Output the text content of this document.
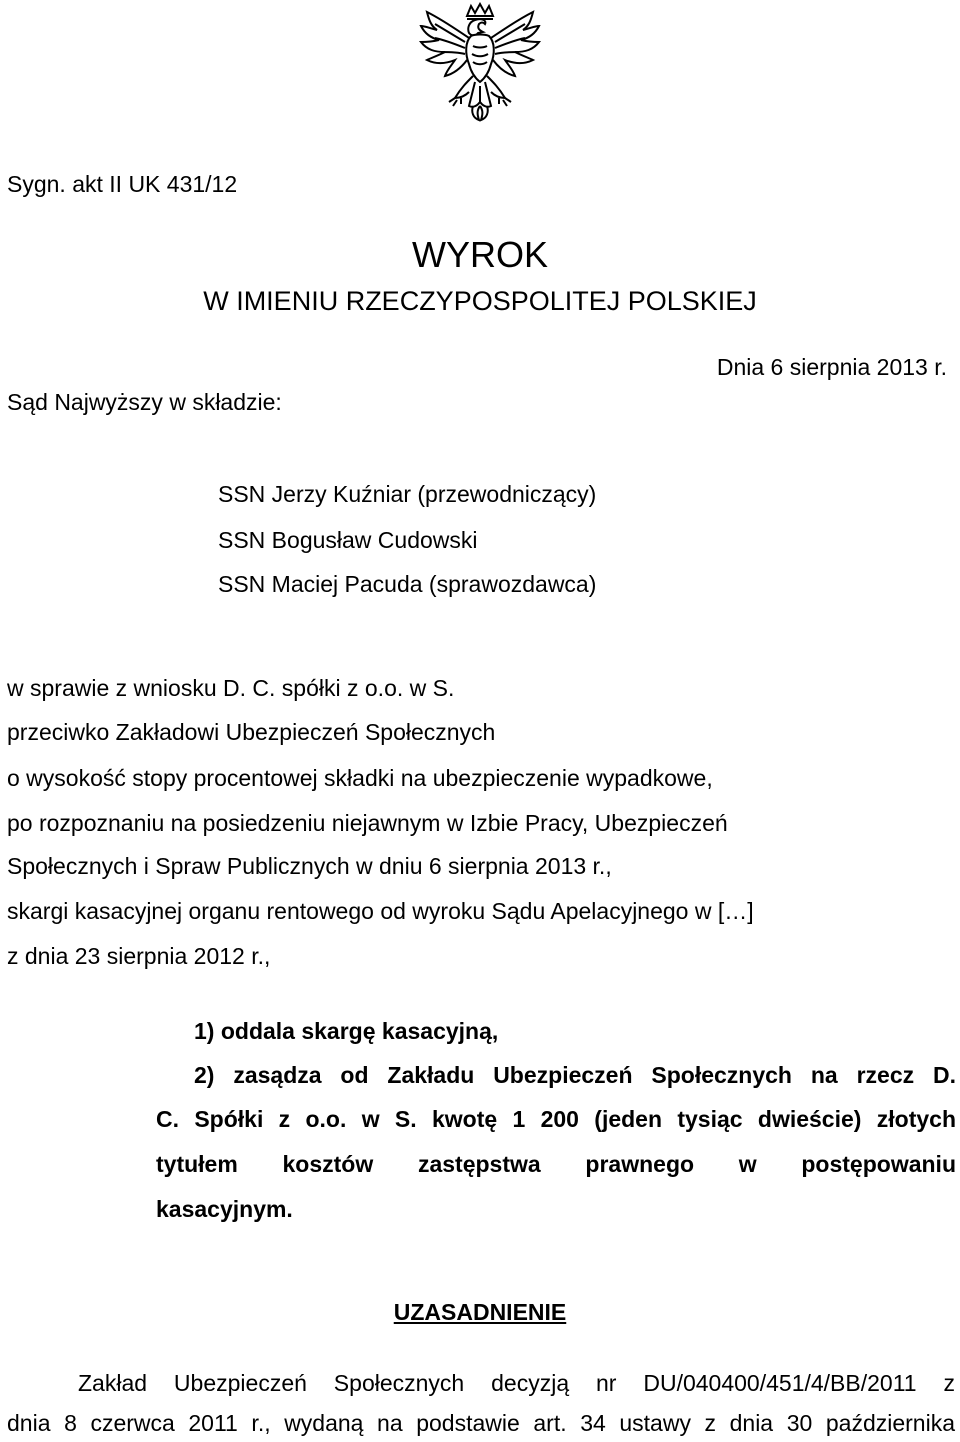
Sygn. akt II UK 431/12
WYROK
W IMIENIU RZECZYPOSPOLITEJ POLSKIEJ
Dnia 6 sierpnia 2013 r.
Sąd Najwyższy w składzie:
SSN Jerzy Kuźniar (przewodniczący)
SSN Bogusław Cudowski
SSN Maciej Pacuda (sprawozdawca)
w sprawie z wniosku D. C. spółki z o.o. w S.
przeciwko Zakładowi Ubezpieczeń Społecznych
o wysokość stopy procentowej składki na ubezpieczenie wypadkowe,
po rozpoznaniu na posiedzeniu niejawnym w Izbie Pracy, Ubezpieczeń
Społecznych i Spraw Publicznych w dniu 6 sierpnia 2013 r.,
skargi kasacyjnej organu rentowego od wyroku Sądu Apelacyjnego w […]
z dnia 23 sierpnia 2012 r.,
1) oddala skargę kasacyjną,
2) zasądza od Zakładu Ubezpieczeń Społecznych na rzecz D.
C. Spółki z o.o. w S. kwotę 1 200 (jeden tysiąc dwieście) złotych
tytułem kosztów zastępstwa prawnego w postępowaniu
kasacyjnym.
UZASADNIENIE
Zakład Ubezpieczeń Społecznych decyzją nr DU/040400/451/4/BB/2011 z
dnia 8 czerwca 2011 r., wydaną na podstawie art. 34 ustawy z dnia 30 października
